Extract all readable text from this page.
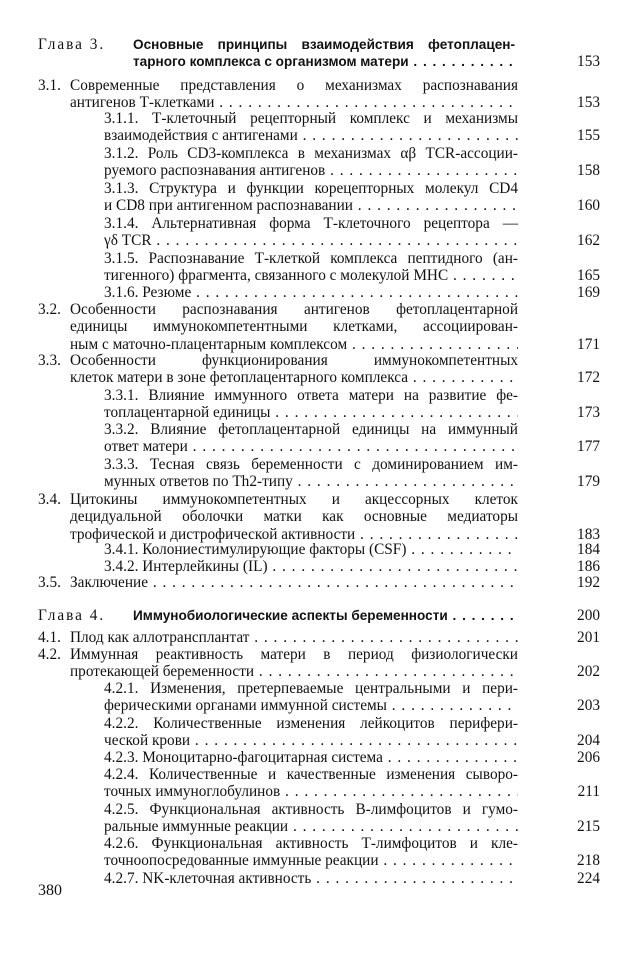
Глава 3. Основные принципы взаимодействия фетоплацен-
тарного комплекса с организмом матери . . .	153
3.1. Современные представления о механизмах распознавания
антигенов Т-клетками . . .	153
3.1.1. Т-клеточный рецепторный комплекс и механизмы
взаимодействия с антигенами . . .	155
3.1.2. Роль CD3-комплекса в механизмах αβ TCR-ассоции-
руемого распознавания антигенов . . .	158
3.1.3. Структура и функции корецепторных молекул CD4
и CD8 при антигенном распознавании . . .	160
3.1.4. Альтернативная форма Т-клеточного рецептора —
γδ TCR . . .	162
3.1.5. Распознавание Т-клеткой комплекса пептидного (ан-
тигенного) фрагмента, связанного с молекулой МНС . . .	165
3.1.6. Резюме . . .	169
3.2. Особенности распознавания антигенов фетоплацентарной
единицы иммунокомпетентными клетками, ассоциирован-
ным с маточно-плацентарным комплексом . . .	171
3.3. Особенности функционирования иммунокомпетентных
клеток матери в зоне фетоплацентарного комплекса . . .	172
3.3.1. Влияние иммунного ответа матери на развитие фе-
топлацентарной единицы . . .	173
3.3.2. Влияние фетоплацентарной единицы на иммунный
ответ матери . . .	177
3.3.3. Тесная связь беременности с доминированием им-
мунных ответов по Th2-типу . . .	179
3.4. Цитокины иммунокомпетентных и акцессорных клеток
децидуальной оболочки матки как основные медиаторы
трофической и дистрофической активности . . .	183
3.4.1. Колониестимулирующие факторы (CSF) . . .	184
3.4.2. Интерлейкины (IL) . . .	186
3.5. Заключение . . .	192
Глава 4. Иммунобиологические аспекты беременности . . .	200
4.1. Плод как аллотрансплантат . . .	201
4.2. Иммунная реактивность матери в период физиологически
протекающей беременности . . .	202
4.2.1. Изменения, претерпеваемые центральными и пери-
ферическими органами иммунной системы . . .	203
4.2.2. Количественные изменения лейкоцитов перифери-
ческой крови . . .	204
4.2.3. Моноцитарно-фагоцитарная система . . .	206
4.2.4. Количественные и качественные изменения сыворо-
точных иммуноглобулинов . . .	211
4.2.5. Функциональная активность В-лимфоцитов и гумо-
ральные иммунные реакции . . .	215
4.2.6. Функциональная активность Т-лимфоцитов и кле-
точноопосредованные иммунные реакции . . .	218
4.2.7. NK-клеточная активность . . .	224
380
